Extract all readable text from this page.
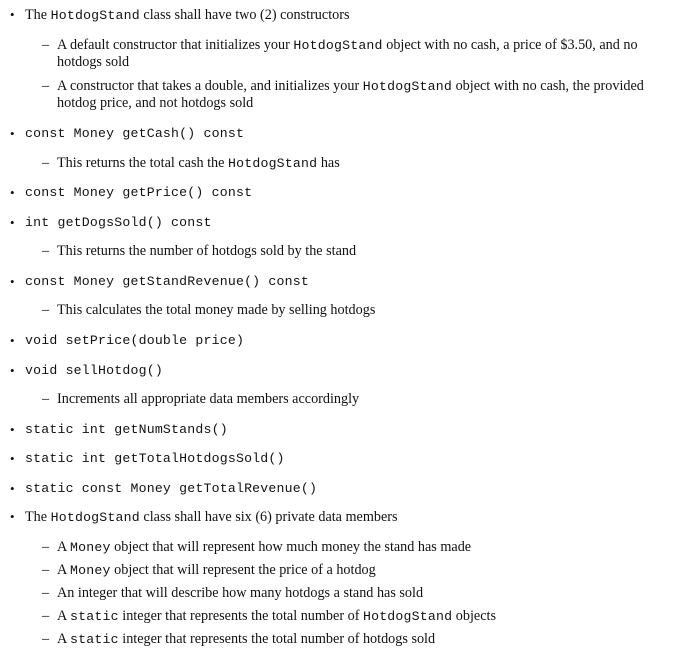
• The HotdogStand class shall have two (2) constructors
– A default constructor that initializes your HotdogStand object with no cash, a price of $3.50, and no
hotdogs sold
– A constructor that takes a double, and initializes your HotdogStand object with no cash, the provided
hotdog price, and not hotdogs sold
• const Money getCash() const
– This returns the total cash the HotdogStand has
• const Money getPrice() const
• int getDogsSold() const
– This returns the number of hotdogs sold by the stand
• const Money getStandRevenue() const
– This calculates the total money made by selling hotdogs
• void setPrice(double price)
• void sellHotdog()
– Increments all appropriate data members accordingly
• static int getNumStands()
• static int getTotalHotdogsSold()
• static const Money getTotalRevenue()
• The HotdogStand class shall have six (6) private data members
– A Money object that will represent how much money the stand has made
– A Money object that will represent the price of a hotdog
– An integer that will describe how many hotdogs a stand has sold
– A static integer that represents the total number of HotdogStand objects
– A static integer that represents the total number of hotdogs sold
